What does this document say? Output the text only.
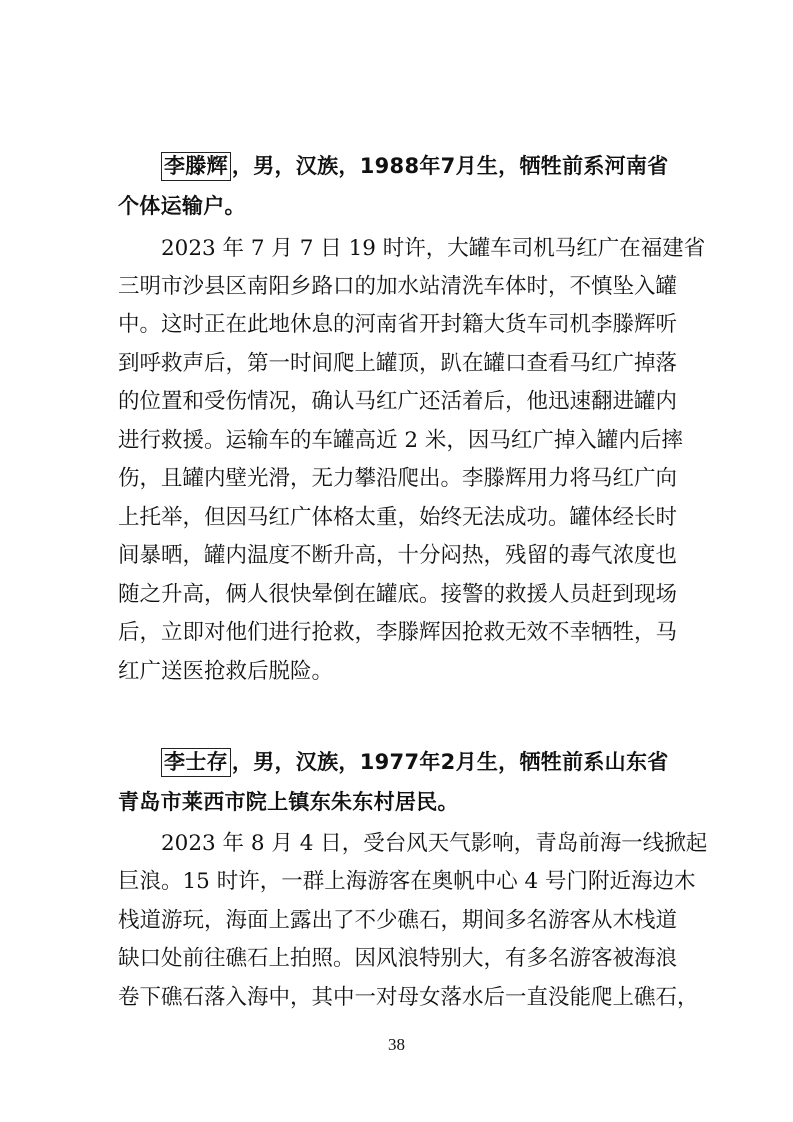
李滕辉 ，男，汉族，1988年7月生，牺牲前系河南省
个体运输户。
2023 年 7 月 7 日 19 时许，大罐车司机马红广在福建省
三明市沙县区南阳乡路口的加水站清洗车体时，不慎坠入罐
中。这时正在此地休息的河南省开封籍大货车司机李滕辉听
到呼救声后，第一时间爬上罐顶，趴在罐口查看马红广掉落
的位置和受伤情况，确认马红广还活着后，他迅速翻进罐内
进行救援。运输车的车罐高近 2 米，因马红广掉入罐内后摔
伤，且罐内壁光滑，无力攀沿爬出。李滕辉用力将马红广向
上托举，但因马红广体格太重，始终无法成功。罐体经长时
间暴晒，罐内温度不断升高，十分闷热，残留的毒气浓度也
随之升高，俩人很快晕倒在罐底。接警的救援人员赶到现场
后，立即对他们进行抢救，李滕辉因抢救无效不幸牺牲，马
红广送医抢救后脱险。
李士存 ，男，汉族，1977年2月生，牺牲前系山东省
青岛市莱西市院上镇东朱东村居民。
2023 年 8 月 4 日，受台风天气影响，青岛前海一线掀起
巨浪。15 时许，一群上海游客在奥帆中心 4 号门附近海边木
栈道游玩，海面上露出了不少礁石，期间多名游客从木栈道
缺口处前往礁石上拍照。因风浪特别大，有多名游客被海浪
卷下礁石落入海中，其中一对母女落水后一直没能爬上礁石，
38
